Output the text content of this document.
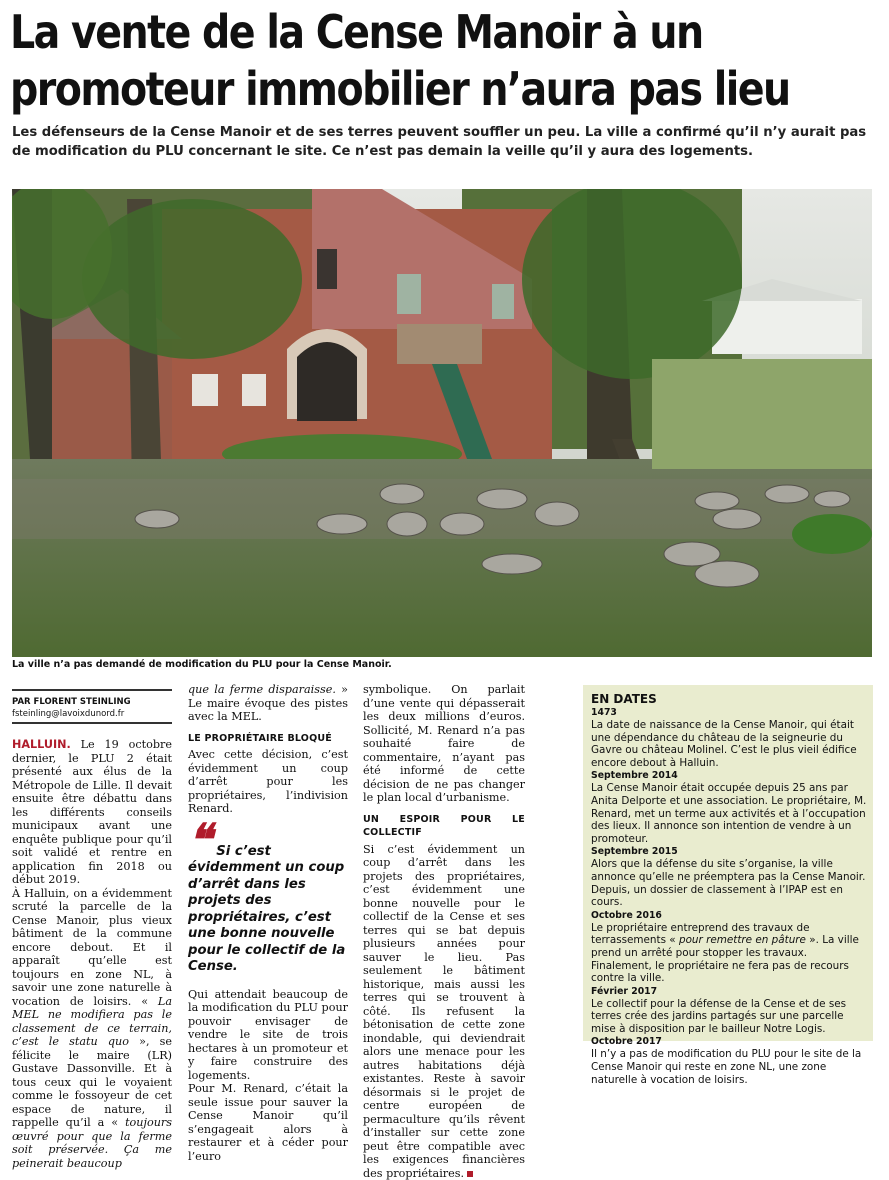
La vente de la Cense Manoir à un
promoteur immobilier n’aura pas lieu
Les défenseurs de la Cense Manoir et de ses terres peuvent souffler un peu. La ville a confirmé qu’il n’y aurait pas de modification du PLU concernant le site. Ce n’est pas demain la veille qu’il y aura des logements.
La ville n’a pas demandé de modification du PLU pour la Cense Manoir.
PAR FLORENT STEINLING
fsteinling@lavoixdunord.fr

HALLUIN. Le 19 octobre dernier, le PLU 2 était présenté aux élus de la Métropole de Lille. Il devait ensuite être débattu dans les différents conseils municipaux avant une enquête publique pour qu’il soit validé et rentre en application fin 2018 ou début 2019.

À Halluin, on a évidemment scruté la parcelle de la Cense Manoir, plus vieux bâtiment de la commune encore debout. Et il apparaît qu’elle est toujours en zone NL, à savoir une zone naturelle à vocation de loisirs. « La MEL ne modifiera pas le classement de ce terrain, c’est le statu quo », se félicite le maire (LR) Gustave Dassonville. Et à tous ceux qui le voyaient comme le fossoyeur de cet espace de nature, il rappelle qu’il a « toujours œuvré pour que la ferme soit préservée. Ça me peinerait beaucoup

que la ferme disparaisse. » Le maire évoque des pistes avec la MEL.

LE PROPRIÉTAIRE BLOQUÉ

Avec cette décision, c’est évidemment un coup d’arrêt pour les propriétaires, l’indivision Renard.

❝ Si c’est évidemment un coup d’arrêt dans les projets des propriétaires, c’est une bonne nouvelle pour le collectif de la Cense.

Qui attendait beaucoup de la modification du PLU pour pouvoir envisager de vendre le site de trois hectares à un promoteur et y faire construire des logements.

Pour M. Renard, c’était la seule issue pour sauver la Cense Manoir qu’il s’engageait alors à restaurer et à céder pour l’euro

symbolique. On parlait d’une vente qui dépasserait les deux millions d’euros. Sollicité, M. Renard n’a pas souhaité faire de commentaire, n’ayant pas été informé de cette décision de ne pas changer le plan local d’urbanisme.

UN ESPOIR POUR LE COLLECTIF

Si c’est évidemment un coup d’arrêt dans les projets des propriétaires, c’est évidemment une bonne nouvelle pour le collectif de la Cense et ses terres qui se bat depuis plusieurs années pour sauver le lieu. Pas seulement le bâtiment historique, mais aussi les terres qui se trouvent à côté. Ils refusent la bétonisation de cette zone inondable, qui deviendrait alors une menace pour les autres habitations déjà existantes. Reste à savoir désormais si le projet de centre européen de permaculture qu’ils rêvent d’installer sur cette zone peut être compatible avec les exigences financières des propriétaires.

EN DATES
1473
La date de naissance de la Cense Manoir, qui était une dépendance du château de la seigneurie du Gavre ou château Molinel. C’est le plus vieil édifice encore debout à Halluin.
Septembre 2014
La Cense Manoir était occupée depuis 25 ans par Anita Delporte et une association. Le propriétaire, M. Renard, met un terme aux activités et à l’occupation des lieux. Il annonce son intention de vendre à un promoteur.
Septembre 2015
Alors que la défense du site s’organise, la ville annonce qu’elle ne préemptera pas la Cense Manoir. Depuis, un dossier de classement à l’IPAP est en cours.
Octobre 2016
Le propriétaire entreprend des travaux de terrassements « pour remettre en pâture ». La ville prend un arrêté pour stopper les travaux. Finalement, le propriétaire ne fera pas de recours contre la ville.
Février 2017
Le collectif pour la défense de la Cense et de ses terres crée des jardins partagés sur une parcelle mise à disposition par le bailleur Notre Logis.
Octobre 2017
Il n’y a pas de modification du PLU pour le site de la Cense Manoir qui reste en zone NL, une zone naturelle à vocation de loisirs.
